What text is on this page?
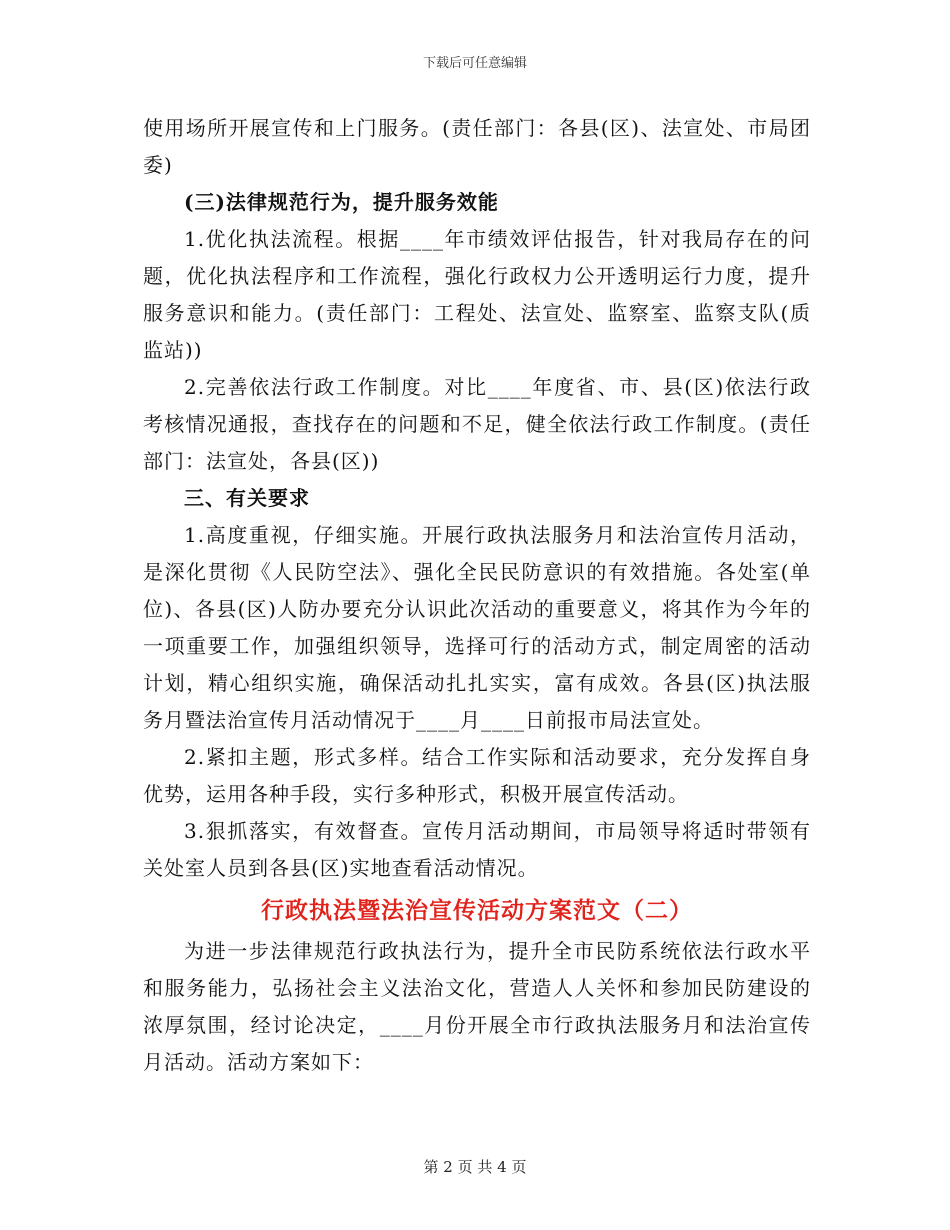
下载后可任意编辑

使用场所开展宣传和上门服务。(责任部门：各县(区)、法宣处、市局团委)

(三)法律规范行为，提升服务效能

1.优化执法流程。根据____年市绩效评估报告，针对我局存在的问题，优化执法程序和工作流程，强化行政权力公开透明运行力度，提升服务意识和能力。(责任部门：工程处、法宣处、监察室、监察支队(质监站))

2.完善依法行政工作制度。对比____年度省、市、县(区)依法行政考核情况通报，查找存在的问题和不足，健全依法行政工作制度。(责任部门：法宣处，各县(区))

三、有关要求

1.高度重视，仔细实施。开展行政执法服务月和法治宣传月活动，是深化贯彻《人民防空法》、强化全民民防意识的有效措施。各处室(单位)、各县(区)人防办要充分认识此次活动的重要意义，将其作为今年的一项重要工作，加强组织领导，选择可行的活动方式，制定周密的活动计划，精心组织实施，确保活动扎扎实实，富有成效。各县(区)执法服务月暨法治宣传月活动情况于____月____日前报市局法宣处。

2.紧扣主题，形式多样。结合工作实际和活动要求，充分发挥自身优势，运用各种手段，实行多种形式，积极开展宣传活动。

3.狠抓落实，有效督查。宣传月活动期间，市局领导将适时带领有关处室人员到各县(区)实地查看活动情况。

行政执法暨法治宣传活动方案范文（二）

为进一步法律规范行政执法行为，提升全市民防系统依法行政水平和服务能力，弘扬社会主义法治文化，营造人人关怀和参加民防建设的浓厚氛围，经讨论决定，____月份开展全市行政执法服务月和法治宣传月活动。活动方案如下：

第 2 页 共 4 页
